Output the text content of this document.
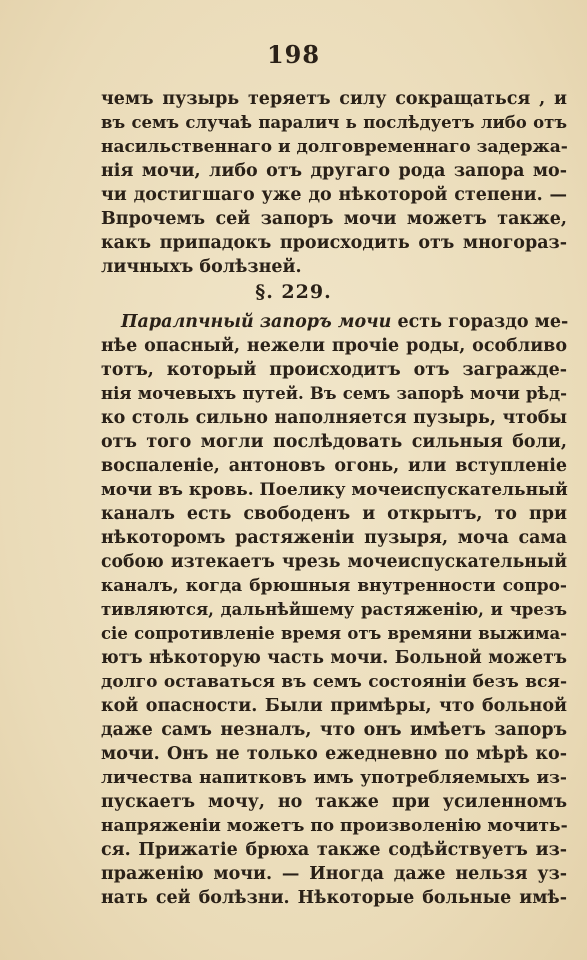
198
чемъ пузырь теряетъ силу сокращаться , и
въ семъ случаѣ паралич ь послѣдуетъ либо отъ
насильственнаго и долговременнаго задержа-
нія мочи, либо отъ другаго рода запора мо-
чи достигшаго уже до нѣкоторой степени. —
Впрочемъ сей запоръ мочи можетъ также,
какъ припадокъ происходить отъ многораз-
личныхъ болѣзней.
§. 229.
Паралпчный запоръ мочи есть гораздо ме-
нѣе опасный, нежели прочіе роды, особливо
тотъ, который происходитъ отъ загражде-
нія мочевыхъ путей. Въ семъ запорѣ мочи рѣд-
ко столь сильно наполняется пузырь, чтобы
отъ того могли послѣдовать сильныя боли,
воспаленіе, антоновъ огонь, или вступленіе
мочи въ кровь. Поелику мочеиспускательный
каналъ есть свободенъ и открытъ, то при
нѣкоторомъ растяженіи пузыря, моча сама
собою изтекаетъ чрезь мочеиспускательный
каналъ, когда брюшныя внутренности сопро-
тивляются, дальнѣйшему растяженію, и чрезъ
сіе сопротивленіе время отъ времяни выжима-
ютъ нѣкоторую часть мочи. Больной можетъ
долго оставаться въ семъ состояніи безъ вся-
кой опасности. Были примѣры, что больной
даже самъ незналъ, что онъ имѣетъ запоръ
мочи. Онъ не только ежедневно по мѣрѣ ко-
личества напитковъ имъ употребляемыхъ из-
пускаетъ мочу, но также при усиленномъ
напряженіи можетъ по произволенію мочить-
ся. Прижатіе брюха также содѣйствуетъ из-
праженію мочи. — Иногда даже нельзя уз-
нать сей болѣзни. Нѣкоторые больные имѣ-
